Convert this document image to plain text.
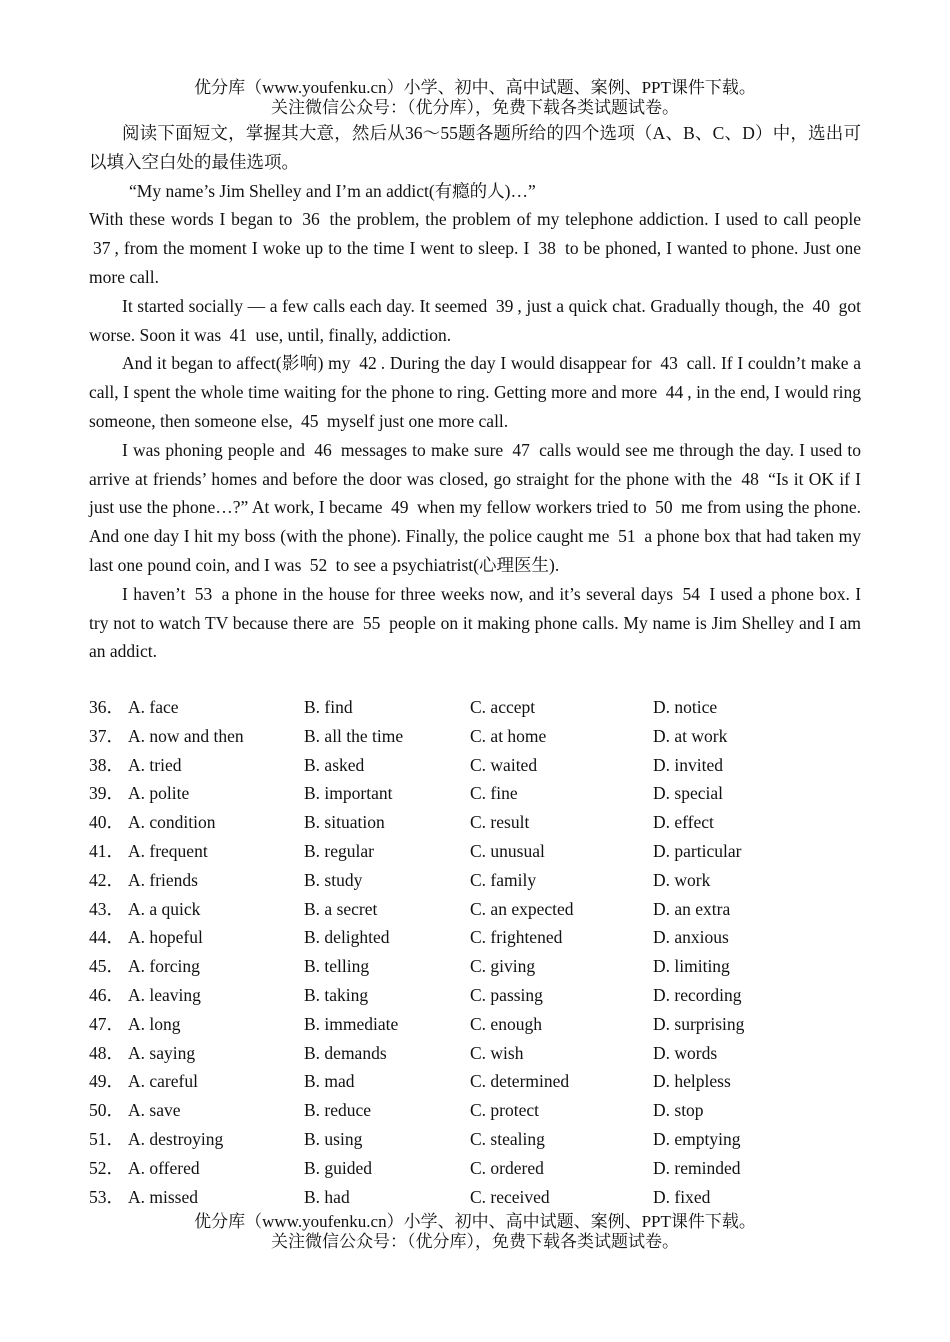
优分库（www.youfenku.cn）小学、初中、高中试题、案例、PPT课件下载。
关注微信公众号：（优分库），免费下载各类试题试卷。

阅读下面短文，掌握其大意，然后从36～55题各题所给的四个选项（A、B、C、D）中，选出可以填入空白处的最佳选项。

“My name’s Jim Shelley and I’m an addict(有瘾的人)…”

With these words I began to 36 the problem, the problem of my telephone addiction. I used to call people 37 , from the moment I woke up to the time I went to sleep. I 38 to be phoned, I wanted to phone. Just one more call.

It started socially — a few calls each day. It seemed 39 , just a quick chat. Gradually though, the 40 got worse. Soon it was 41 use, until, finally, addiction.

And it began to affect(影响) my 42 . During the day I would disappear for 43 call. If I couldn’t make a call, I spent the whole time waiting for the phone to ring. Getting more and more 44 , in the end, I would ring someone, then someone else, 45 myself just one more call.

I was phoning people and 46 messages to make sure 47 calls would see me through the day. I used to arrive at friends’ homes and before the door was closed, go straight for the phone with the 48 “Is it OK if I just use the phone…?” At work, I became 49 when my fellow workers tried to 50 me from using the phone. And one day I hit my boss (with the phone). Finally, the police caught me 51 a phone box that had taken my last one pound coin, and I was 52 to see a psychiatrist(心理医生).

I haven’t 53 a phone in the house for three weeks now, and it’s several days 54 I used a phone box. I try not to watch TV because there are 55 people on it making phone calls. My name is Jim Shelley and I am an addict.

36． A. face	B. find	C. accept	D. notice
37． A. now and then	B. all the time	C. at home	D. at work
38． A. tried	B. asked	C. waited	D. invited
39． A. polite	B. important	C. fine	D. special
40． A. condition	B. situation	C. result	D. effect
41． A. frequent	B. regular	C. unusual	D. particular
42． A. friends	B. study	C. family	D. work
43． A. a quick	B. a secret	C. an expected	D. an extra
44． A. hopeful	B. delighted	C. frightened	D. anxious
45． A. forcing	B. telling	C. giving	D. limiting
46． A. leaving	B. taking	C. passing	D. recording
47． A. long	B. immediate	C. enough	D. surprising
48． A. saying	B. demands	C. wish	D. words
49． A. careful	B. mad	C. determined	D. helpless
50． A. save	B. reduce	C. protect	D. stop
51． A. destroying	B. using	C. stealing	D. emptying
52． A. offered	B. guided	C. ordered	D. reminded
53． A. missed	B. had	C. received	D. fixed
优分库（www.youfenku.cn）小学、初中、高中试题、案例、PPT课件下载。
关注微信公众号：（优分库），免费下载各类试题试卷。
